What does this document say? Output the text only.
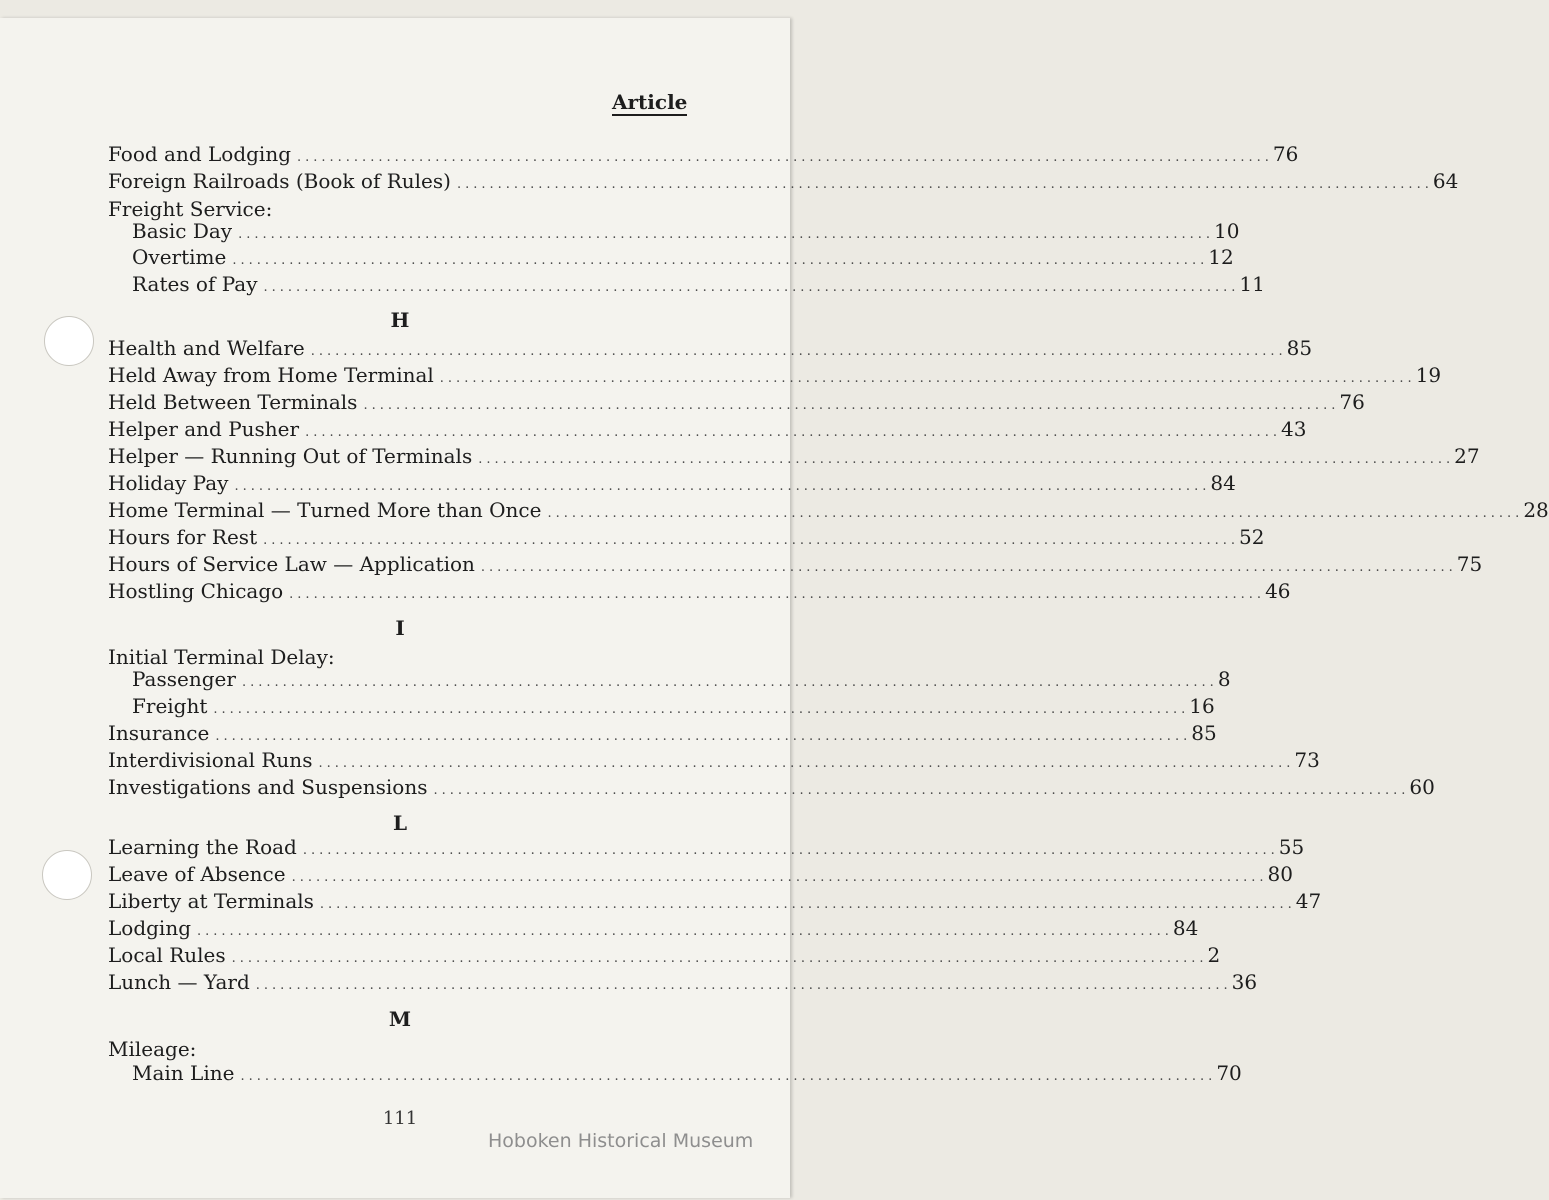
Article
Food and Lodging ........................................................................................................................ 76
Foreign Railroads (Book of Rules) ........................................................................................................................ 64
Freight Service:
Basic Day ........................................................................................................................ 10
Overtime ........................................................................................................................ 12
Rates of Pay ........................................................................................................................ 11
H
Health and Welfare ........................................................................................................................ 85
Held Away from Home Terminal ........................................................................................................................ 19
Held Between Terminals ........................................................................................................................ 76
Helper and Pusher ........................................................................................................................ 43
Helper — Running Out of Terminals ........................................................................................................................ 27
Holiday Pay ........................................................................................................................ 84
Home Terminal — Turned More than Once ........................................................................................................................ 28
Hours for Rest ........................................................................................................................ 52
Hours of Service Law — Application ........................................................................................................................ 75
Hostling Chicago ........................................................................................................................ 46
I
Initial Terminal Delay:
Passenger ........................................................................................................................ 8
Freight ........................................................................................................................ 16
Insurance ........................................................................................................................ 85
Interdivisional Runs ........................................................................................................................ 73
Investigations and Suspensions ........................................................................................................................ 60
L
Learning the Road ........................................................................................................................ 55
Leave of Absence ........................................................................................................................ 80
Liberty at Terminals ........................................................................................................................ 47
Lodging ........................................................................................................................ 84
Local Rules ........................................................................................................................ 2
Lunch — Yard ........................................................................................................................ 36
M
Mileage:
Main Line ........................................................................................................................ 70
111
Hoboken Historical Museum
